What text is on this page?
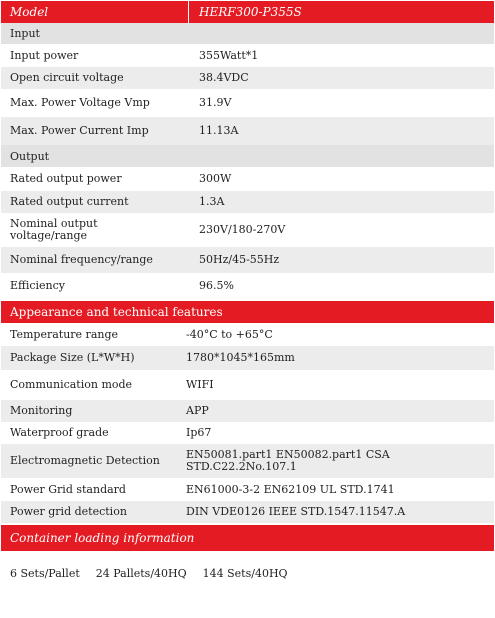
Model	HERF300-P355S
Input
Input power	355Watt*1
Open circuit voltage	38.4VDC
Max. Power Voltage Vmp	31.9V
Max. Power Current Imp	11.13A
Output
Rated output power	300W
Rated output current	1.3A
Nominal output voltage/range	230V/180-270V
Nominal frequency/range	50Hz/45-55Hz
Efficiency	96.5%
Appearance and technical features
Temperature range	-40°C to +65°C
Package Size (L*W*H)	1780*1045*165mm
Communication mode	WIFI
Monitoring	APP
Waterproof grade	Ip67
Electromagnetic Detection	EN50081.part1 EN50082.part1 CSA STD.C22.2No.107.1
Power Grid standard	EN61000-3-2 EN62109 UL STD.1741
Power grid detection	DIN VDE0126 IEEE STD.1547.11547.A
Container loading information
6 Sets/Pallet 24 Pallets/40HQ 144 Sets/40HQ
